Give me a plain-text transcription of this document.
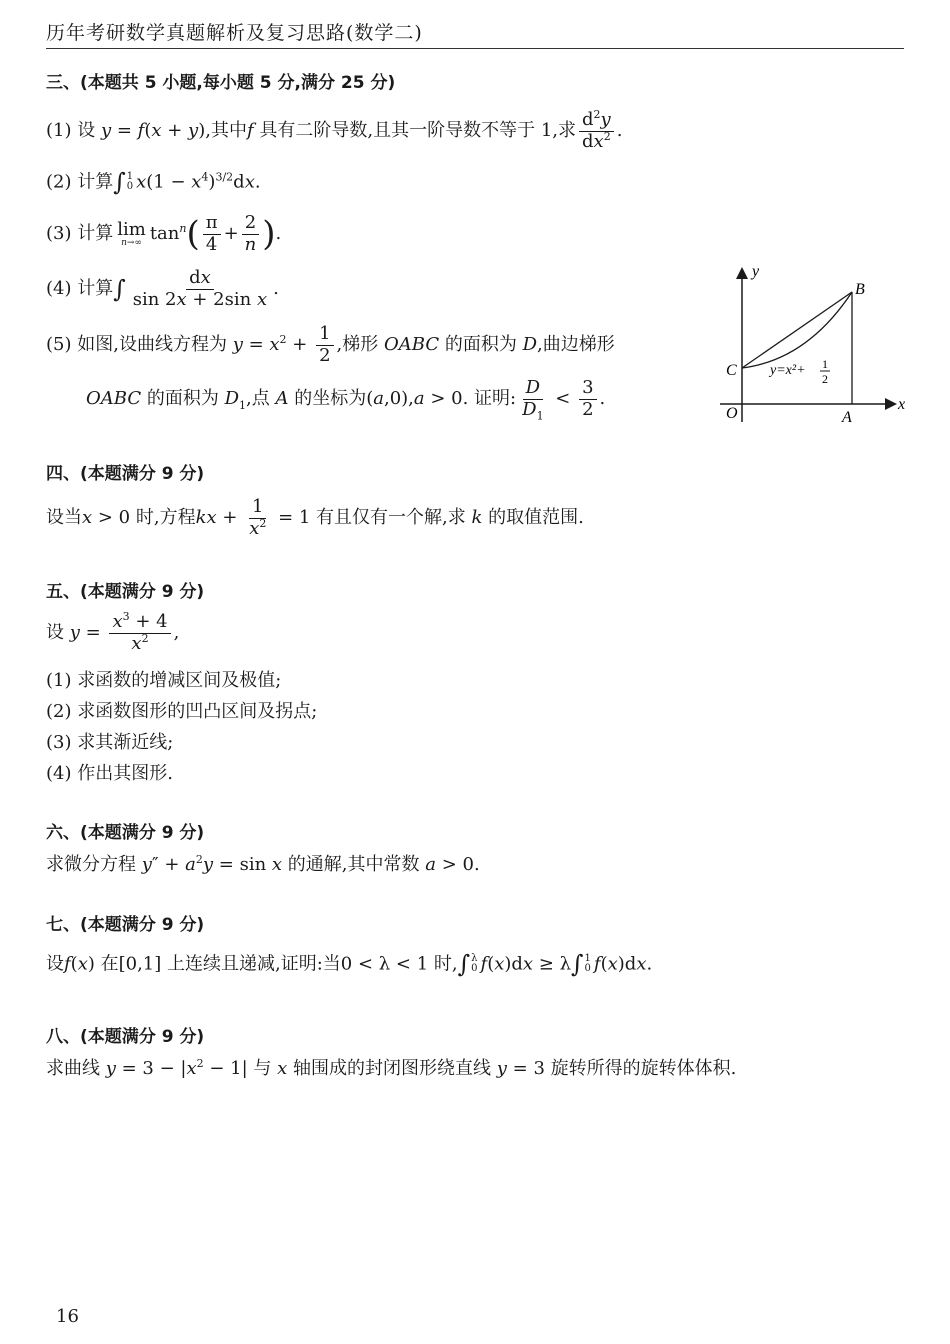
历年考研数学真题解析及复习思路(数学二)
三、(本题共 5 小题,每小题 5 分,满分 25 分)
(1) 设 y = f(x + y),其中f 具有二阶导数,且其一阶导数不等于 1,求 $\frac{d^2y}{dx^2}$ .
(2) 计算∫ 1
0 $x(1 - x^4)^{3/2}dx$.
(3) 计算 lim
n→∞ $\tan^n( \frac{\pi}{4} + \frac{2}{n}$ ).
(4) 计算∫ $\frac{dx}{\text{sin 2x + 2sin x}}$ .
(5) 如图,设曲线方程为 $y = x^2 + \frac{1}{2}$ ,梯形 OABC 的面积为 D,曲边梯形
OABC 的面积为 $D_1$,点 A 的坐标为(a,0),a > 0. 证明: $\frac{D}{D_1} < \frac{3}{2}$ .
y
B
C
O	A
x
y=x²+ 1
2
四、(本题满分 9 分)
设当x > 0 时,方程kx + $\frac{1}{x^2} = 1$ 有且仅有一个解,求 k 的取值范围.
五、(本题满分 9 分)
设 $y = \frac{x^3 + 4}{x^2}$ ,
(1) 求函数的增减区间及极值;
(2) 求函数图形的凹凸区间及拐点;
(3) 求其渐近线;
(4) 作出其图形.
六、(本题满分 9 分)
求微分方程 $y'' + a^2y = \sin x$ 的通解,其中常数 a > 0.
七、(本题满分 9 分)
设f(x) 在[0,1] 上连续且递减,证明:当0 < λ < 1 时,∫ λ
0 f(x)dx ≥ λ∫ 1
0 f(x)dx.
八、(本题满分 9 分)
求曲线 $y = 3 - |x^2 - 1|$ 与 x 轴围成的封闭图形绕直线 y = 3 旋转所得的旋转体体积.
16
